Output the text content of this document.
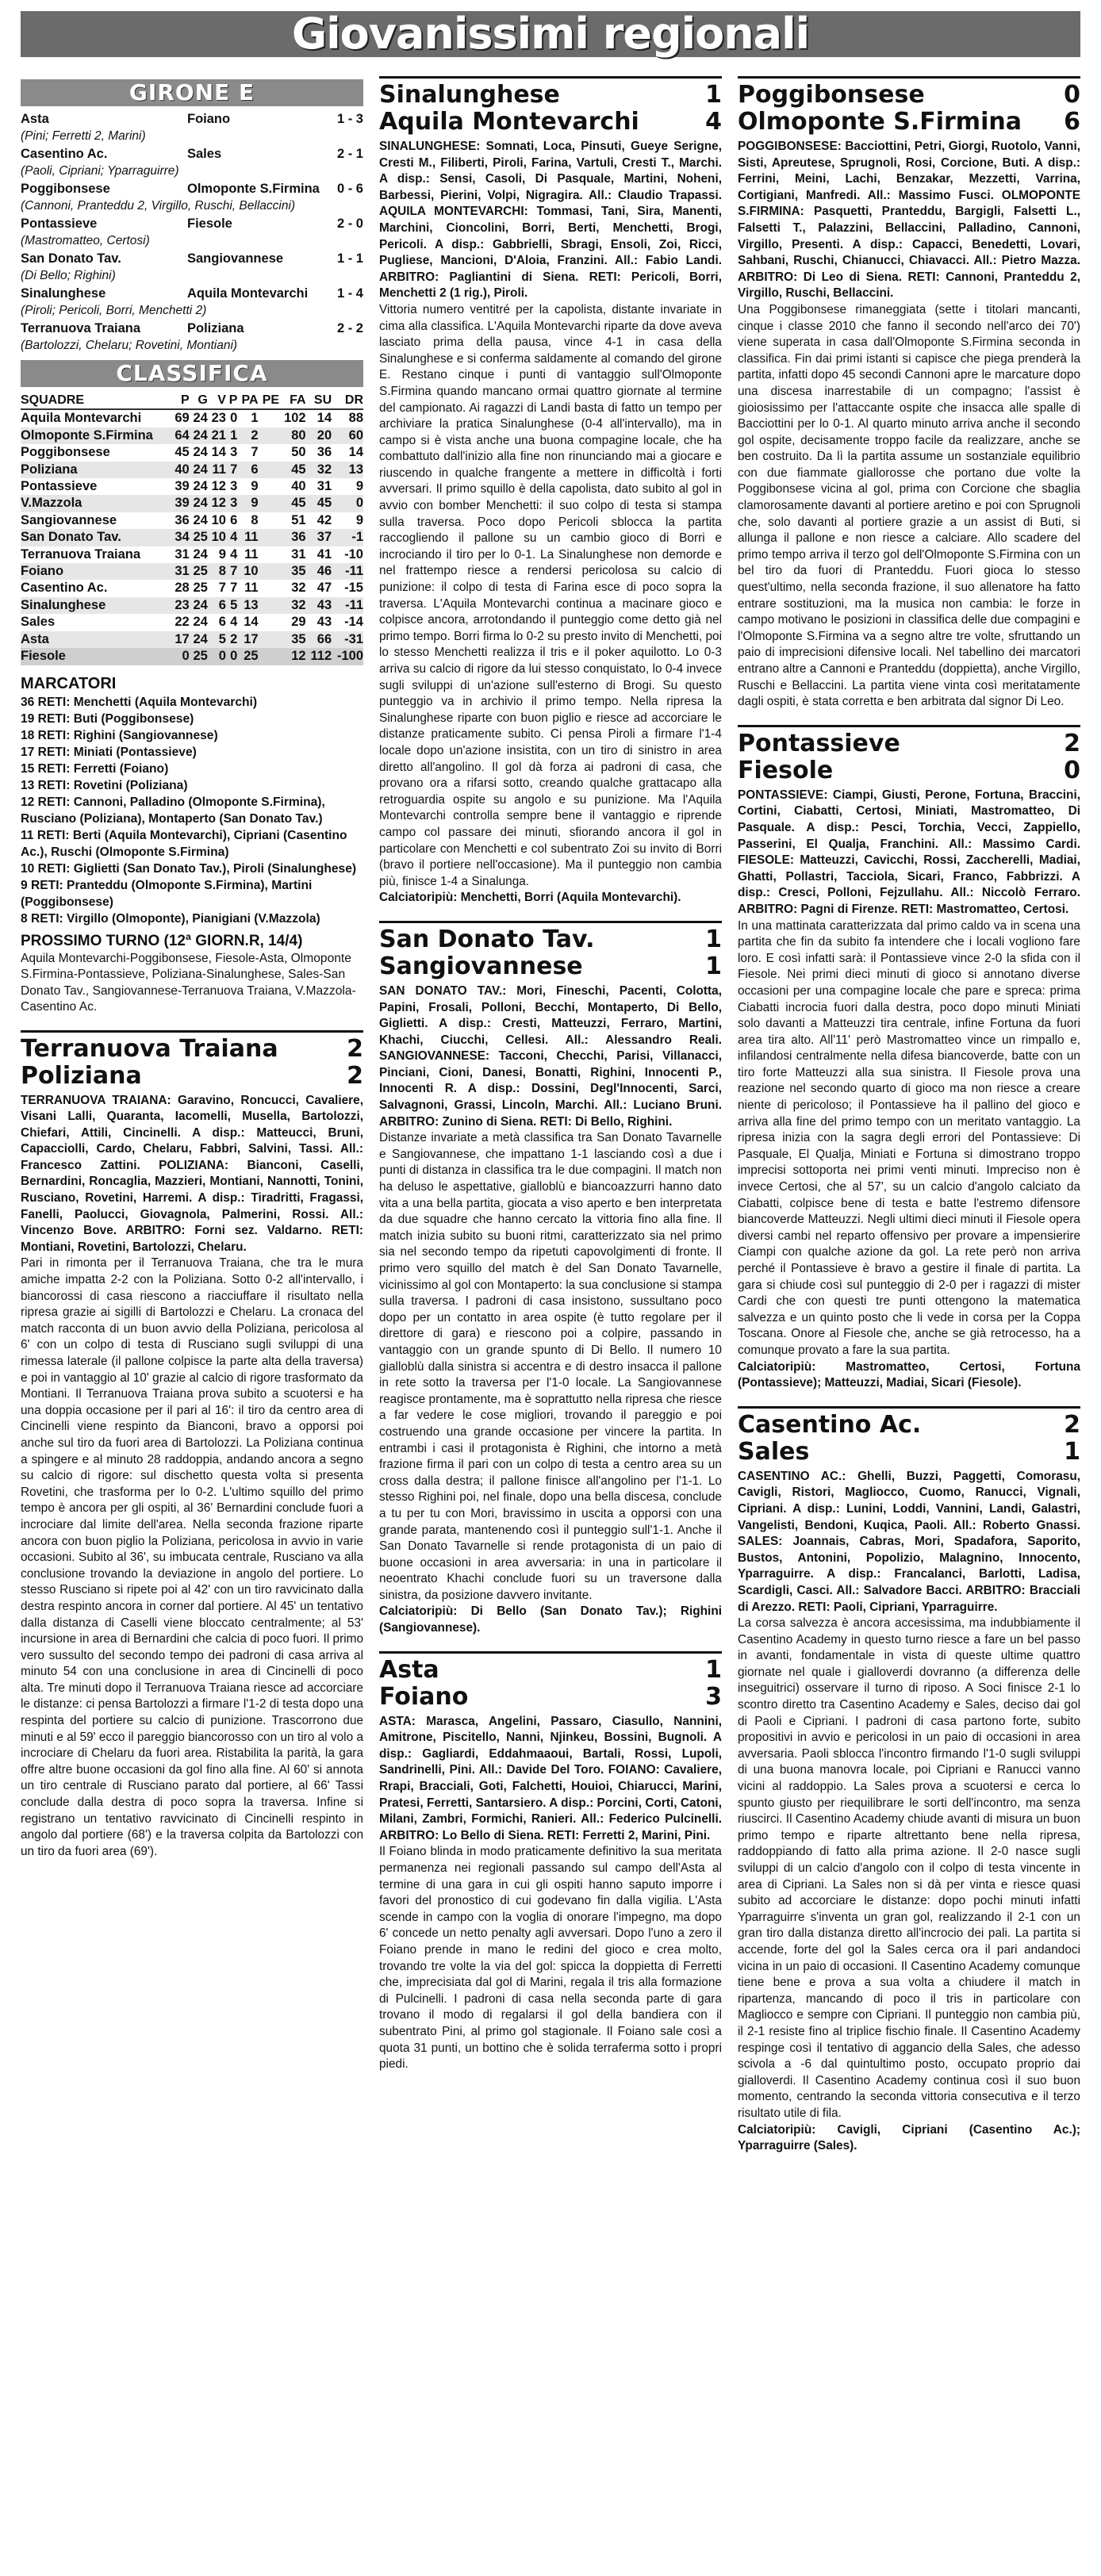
Giovanissimi regionali
GIRONE E
Asta	Foiano	1 - 3
(Pini; Ferretti 2, Marini)
Casentino Ac.	Sales	2 - 1
(Paoli, Cipriani; Yparraguirre)
Poggibonsese	Olmoponte S.Firmina	0 - 6
(Cannoni, Pranteddu 2, Virgillo, Ruschi, Bellaccini)
Pontassieve	Fiesole	2 - 0
(Mastromatteo, Certosi)
San Donato Tav.	Sangiovannese	1 - 1
(Di Bello; Righini)
Sinalunghese	Aquila Montevarchi	1 - 4
(Piroli; Pericoli, Borri, Menchetti 2)
Terranuova Traiana	Poliziana	2 - 2
(Bartolozzi, Chelaru; Rovetini, Montiani)
CLASSIFICA
SQUADRE	P	G	V	P	PA	PE	FA	SU	DR
Aquila Montevarchi	69	24	23	0	1		102	14	88
Olmoponte S.Firmina	64	24	21	1	2		80	20	60
Poggibonsese	45	24	14	3	7		50	36	14
Poliziana	40	24	11	7	6		45	32	13
Pontassieve	39	24	12	3	9		40	31	9
V.Mazzola	39	24	12	3	9		45	45	0
Sangiovannese	36	24	10	6	8		51	42	9
San Donato Tav.	34	25	10	4	11		36	37	-1
Terranuova Traiana	31	24	9	4	11		31	41	-10
Foiano	31	25	8	7	10		35	46	-11
Casentino Ac.	28	25	7	7	11		32	47	-15
Sinalunghese	23	24	6	5	13		32	43	-11
Sales	22	24	6	4	14		29	43	-14
Asta	17	24	5	2	17		35	66	-31
Fiesole	0	25	0	0	25		12	112	-100
MARCATORI
36 RETI: Menchetti (Aquila Montevarchi)
19 RETI: Buti (Poggibonsese)
18 RETI: Righini (Sangiovannese)
17 RETI: Miniati (Pontassieve)
15 RETI: Ferretti (Foiano)
13 RETI: Rovetini (Poliziana)
12 RETI: Cannoni, Palladino (Olmoponte S.Firmina), Rusciano (Poliziana), Montaperto (San Donato Tav.)
11 RETI: Berti (Aquila Montevarchi), Cipriani (Casentino Ac.), Ruschi (Olmoponte S.Firmina)
10 RETI: Giglietti (San Donato Tav.), Piroli (Sinalunghese)
9 RETI: Pranteddu (Olmoponte S.Firmina), Martini (Poggibonsese)
8 RETI: Virgillo (Olmoponte), Pianigiani (V.Mazzola)
PROSSIMO TURNO (12ª GIORN.R, 14/4)
Aquila Montevarchi-Poggibonsese, Fiesole-Asta, Olmoponte S.Firmina-Pontassieve, Poliziana-Sinalunghese, Sales-San Donato Tav., Sangiovannese-Terranuova Traiana, V.Mazzola-Casentino Ac.
Terranuova Traiana	2
Poliziana	2
TERRANUOVA TRAIANA: Garavino, Roncucci, Cavaliere, Visani Lalli, Quaranta, Iacomelli, Musella, Bartolozzi, Chiefari, Attili, Cincinelli. A disp.: Matteucci, Bruni, Capacciolli, Cardo, Chelaru, Fabbri, Salvini, Tassi. All.: Francesco Zattini. POLIZIANA: Bianconi, Caselli, Bernardini, Roncaglia, Mazzieri, Montiani, Nannotti, Tonini, Rusciano, Rovetini, Harremi. A disp.: Tiradritti, Fragassi, Fanelli, Paolucci, Giovagnola, Palmerini, Rossi. All.: Vincenzo Bove. ARBITRO: Forni sez. Valdarno. RETI: Montiani, Rovetini, Bartolozzi, Chelaru.
Pari in rimonta per il Terranuova Traiana, che tra le mura amiche impatta 2-2 con la Poliziana. Sotto 0-2 all'intervallo, i biancorossi di casa riescono a riacciuffare il risultato nella ripresa grazie ai sigilli di Bartolozzi e Chelaru. La cronaca del match racconta di un buon avvio della Poliziana, pericolosa al 6' con un colpo di testa di Rusciano sugli sviluppi di una rimessa laterale (il pallone colpisce la parte alta della traversa) e poi in vantaggio al 10' grazie al calcio di rigore trasformato da Montiani. Il Terranuova Traiana prova subito a scuotersi e ha una doppia occasione per il pari al 16': il tiro da centro area di Cincinelli viene respinto da Bianconi, bravo a opporsi poi anche sul tiro da fuori area di Bartolozzi. La Poliziana continua a spingere e al minuto 28 raddoppia, andando ancora a segno su calcio di rigore: sul dischetto questa volta si presenta Rovetini, che trasforma per lo 0-2. L'ultimo squillo del primo tempo è ancora per gli ospiti, al 36' Bernardini conclude fuori a incrociare dal limite dell'area. Nella seconda frazione riparte ancora con buon piglio la Poliziana, pericolosa in avvio in varie occasioni. Subito al 36', su imbucata centrale, Rusciano va alla conclusione trovando la deviazione in angolo del portiere. Lo stesso Rusciano si ripete poi al 42' con un tiro ravvicinato dalla destra respinto ancora in corner dal portiere. Al 45' un tentativo dalla distanza di Caselli viene bloccato centralmente; al 53' incursione in area di Bernardini che calcia di poco fuori. Il primo vero sussulto del secondo tempo dei padroni di casa arriva al minuto 54 con una conclusione in area di Cincinelli di poco alta. Tre minuti dopo il Terranuova Traiana riesce ad accorciare le distanze: ci pensa Bartolozzi a firmare l'1-2 di testa dopo una respinta del portiere su calcio di punizione. Trascorrono due minuti e al 59' ecco il pareggio biancorosso con un tiro al volo a incrociare di Chelaru da fuori area. Ristabilita la parità, la gara offre altre buone occasioni da gol fino alla fine. Al 60' si annota un tiro centrale di Rusciano parato dal portiere, al 66' Tassi conclude dalla destra di poco sopra la traversa. Infine si registrano un tentativo ravvicinato di Cincinelli respinto in angolo dal portiere (68') e la traversa colpita da Bartolozzi con un tiro da fuori area (69').
Sinalunghese	1
Aquila Montevarchi	4
SINALUNGHESE: Somnati, Loca, Pinsuti, Gueye Serigne, Cresti M., Filiberti, Piroli, Farina, Vartuli, Cresti T., Marchi. A disp.: Sensi, Casoli, Di Pasquale, Martini, Noheni, Barbessi, Pierini, Volpi, Nigragira. All.: Claudio Trapassi. AQUILA MONTEVARCHI: Tommasi, Tani, Sira, Manenti, Marchini, Cioncolini, Borri, Berti, Menchetti, Brogi, Pericoli. A disp.: Gabbrielli, Sbragi, Ensoli, Zoi, Ricci, Pugliese, Mancioni, D'Aloia, Franzini. All.: Fabio Landi. ARBITRO: Pagliantini di Siena. RETI: Pericoli, Borri, Menchetti 2 (1 rig.), Piroli.
Vittoria numero ventitré per la capolista, distante invariate in cima alla classifica. L'Aquila Montevarchi riparte da dove aveva lasciato prima della pausa, vince 4-1 in casa della Sinalunghese e si conferma saldamente al comando del girone E. Restano cinque i punti di vantaggio sull'Olmoponte S.Firmina quando mancano ormai quattro giornate al termine del campionato. Ai ragazzi di Landi basta di fatto un tempo per archiviare la pratica Sinalunghese (0-4 all'intervallo), ma in campo si è vista anche una buona compagine locale, che ha combattuto dall'inizio alla fine non rinunciando mai a giocare e riuscendo in qualche frangente a mettere in difficoltà i forti avversari. Il primo squillo è della capolista, dato subito al gol in avvio con bomber Menchetti: il suo colpo di testa si stampa sulla traversa. Poco dopo Pericoli sblocca la partita raccogliendo il pallone su un cambio gioco di Borri e incrociando il tiro per lo 0-1. La Sinalunghese non demorde e nel frattempo riesce a rendersi pericolosa su calcio di punizione: il colpo di testa di Farina esce di poco sopra la traversa. L'Aquila Montevarchi continua a macinare gioco e colpisce ancora, arrotondando il punteggio come detto già nel primo tempo. Borri firma lo 0-2 su presto invito di Menchetti, poi lo stesso Menchetti realizza il tris e il poker aquilotto. Lo 0-3 arriva su calcio di rigore da lui stesso conquistato, lo 0-4 invece sugli sviluppi di un'azione sull'esterno di Brogi. Su questo punteggio va in archivio il primo tempo. Nella ripresa la Sinalunghese riparte con buon piglio e riesce ad accorciare le distanze praticamente subito. Ci pensa Piroli a firmare l'1-4 locale dopo un'azione insistita, con un tiro di sinistro in area diretto all'angolino. Il gol dà forza ai padroni di casa, che provano ora a rifarsi sotto, creando qualche grattacapo alla retroguardia ospite su angolo e su punizione. Ma l'Aquila Montevarchi controlla sempre bene il vantaggio e riprende campo col passare dei minuti, sfiorando ancora il gol in particolare con Menchetti e col subentrato Zoi su invito di Borri (bravo il portiere nell'occasione). Ma il punteggio non cambia più, finisce 1-4 a Sinalunga.
Calciatoripiù: Menchetti, Borri (Aquila Montevarchi).
San Donato Tav.	1
Sangiovannese	1
SAN DONATO TAV.: Mori, Fineschi, Pacenti, Colotta, Papini, Frosali, Polloni, Becchi, Montaperto, Di Bello, Giglietti. A disp.: Cresti, Matteuzzi, Ferraro, Martini, Khachi, Ciucchi, Cellesi. All.: Alessandro Reali. SANGIOVANNESE: Tacconi, Checchi, Parisi, Villanacci, Pinciani, Cioni, Danesi, Bonatti, Righini, Innocenti P., Innocenti R. A disp.: Dossini, Degl'Innocenti, Sarci, Salvagnoni, Grassi, Lincoln, Marchi. All.: Luciano Bruni. ARBITRO: Zunino di Siena. RETI: Di Bello, Righini.
Distanze invariate a metà classifica tra San Donato Tavarnelle e Sangiovannese, che impattano 1-1 lasciando così a due i punti di distanza in classifica tra le due compagini. Il match non ha deluso le aspettative, gialloblù e biancoazzurri hanno dato vita a una bella partita, giocata a viso aperto e ben interpretata da due squadre che hanno cercato la vittoria fino alla fine. Il match inizia subito su buoni ritmi, caratterizzato sia nel primo sia nel secondo tempo da ripetuti capovolgimenti di fronte. Il primo vero squillo del match è del San Donato Tavarnelle, vicinissimo al gol con Montaperto: la sua conclusione si stampa sulla traversa. I padroni di casa insistono, sussultano poco dopo per un contatto in area ospite (è tutto regolare per il direttore di gara) e riescono poi a colpire, passando in vantaggio con un grande spunto di Di Bello. Il numero 10 gialloblù dalla sinistra si accentra e di destro insacca il pallone in rete sotto la traversa per l'1-0 locale. La Sangiovannese reagisce prontamente, ma è soprattutto nella ripresa che riesce a far vedere le cose migliori, trovando il pareggio e poi costruendo una grande occasione per vincere la partita. In entrambi i casi il protagonista è Righini, che intorno a metà frazione firma il pari con un colpo di testa a centro area su un cross dalla destra; il pallone finisce all'angolino per l'1-1. Lo stesso Righini poi, nel finale, dopo una bella discesa, conclude a tu per tu con Mori, bravissimo in uscita a opporsi con una grande parata, mantenendo così il punteggio sull'1-1. Anche il San Donato Tavarnelle si rende protagonista di un paio di buone occasioni in area avversaria: in una in particolare il neoentrato Khachi conclude fuori su un traversone dalla sinistra, da posizione davvero invitante.
Calciatoripiù: Di Bello (San Donato Tav.); Righini (Sangiovannese).
Asta	1
Foiano	3
ASTA: Marasca, Angelini, Passaro, Ciasullo, Nannini, Amitrone, Piscitello, Nanni, Njinkeu, Bossini, Bugnoli. A disp.: Gagliardi, Eddahmaaoui, Bartali, Rossi, Lupoli, Sandrinelli, Pini. All.: Davide Del Toro. FOIANO: Cavaliere, Rrapi, Bracciali, Goti, Falchetti, Houioi, Chiarucci, Marini, Pratesi, Ferretti, Santarsiero. A disp.: Porcini, Corti, Catoni, Milani, Zambri, Formichi, Ranieri. All.: Federico Pulcinelli. ARBITRO: Lo Bello di Siena. RETI: Ferretti 2, Marini, Pini.
Il Foiano blinda in modo praticamente definitivo la sua meritata permanenza nei regionali passando sul campo dell'Asta al termine di una gara in cui gli ospiti hanno saputo imporre i favori del pronostico di cui godevano fin dalla vigilia. L'Asta scende in campo con la voglia di onorare l'impegno, ma dopo 6' concede un netto penalty agli avversari. Dopo l'uno a zero il Foiano prende in mano le redini del gioco e crea molto, trovando tre volte la via del gol: spicca la doppietta di Ferretti che, imprecisiata dal gol di Marini, regala il tris alla formazione di Pulcinelli. I padroni di casa nella seconda parte di gara trovano il modo di regalarsi il gol della bandiera con il subentrato Pini, al primo gol stagionale. Il Foiano sale così a quota 31 punti, un bottino che è solida terraferma sotto i propri piedi.
Poggibonsese	0
Olmoponte S.Firmina 6
POGGIBONSESE: Bacciottini, Petri, Giorgi, Ruotolo, Vanni, Sisti, Apreutese, Sprugnoli, Rosi, Corcione, Buti. A disp.: Ferrini, Meini, Lachi, Benzakar, Mezzetti, Varrina, Cortigiani, Manfredi. All.: Massimo Fusci. OLMOPONTE S.FIRMINA: Pasquetti, Pranteddu, Bargigli, Falsetti L., Falsetti T., Palazzini, Bellaccini, Palladino, Cannoni, Virgillo, Presenti. A disp.: Capacci, Benedetti, Lovari, Sahbani, Ruschi, Chianucci, Chiavacci. All.: Pietro Mazza. ARBITRO: Di Leo di Siena. RETI: Cannoni, Pranteddu 2, Virgillo, Ruschi, Bellaccini.
Una Poggibonsese rimaneggiata (sette i titolari mancanti, cinque i classe 2010 che fanno il secondo nell'arco dei 70') viene superata in casa dall'Olmoponte S.Firmina seconda in classifica. Fin dai primi istanti si capisce che piega prenderà la partita, infatti dopo 45 secondi Cannoni apre le marcature dopo una discesa inarrestabile di un compagno; l'assist è gioiosissimo per l'attaccante ospite che insacca alle spalle di Bacciottini per lo 0-1. Al quarto minuto arriva anche il secondo gol ospite, decisamente troppo facile da realizzare, anche se ben costruito. Da lì la partita assume un sostanziale equilibrio con due fiammate giallorosse che portano due volte la Poggibonsese vicina al gol, prima con Corcione che sbaglia clamorosamente davanti al portiere aretino e poi con Sprugnoli che, solo davanti al portiere grazie a un assist di Buti, si allunga il pallone e non riesce a calciare. Allo scadere del primo tempo arriva il terzo gol dell'Olmoponte S.Firmina con un bel tiro da fuori di Pranteddu. Fuori gioca lo stesso quest'ultimo, nella seconda frazione, il suo allenatore ha fatto entrare sostituzioni, ma la musica non cambia: le forze in campo motivano le posizioni in classifica delle due compagini e l'Olmoponte S.Firmina va a segno altre tre volte, sfruttando un paio di imprecisioni difensive locali. Nel tabellino dei marcatori entrano altre a Cannoni e Pranteddu (doppietta), anche Virgillo, Ruschi e Bellaccini. La partita viene vinta così meritatamente dagli ospiti, è stata corretta e ben arbitrata dal signor Di Leo.
Pontassieve	2
Fiesole	0
PONTASSIEVE: Ciampi, Giusti, Perone, Fortuna, Braccini, Cortini, Ciabatti, Certosi, Miniati, Mastromatteo, Di Pasquale. A disp.: Pesci, Torchia, Vecci, Zappiello, Passerini, El Qualja, Franchini. All.: Massimo Cardi. FIESOLE: Matteuzzi, Cavicchi, Rossi, Zaccherelli, Madiai, Ghatti, Pollastri, Tacciola, Sicari, Franco, Fabbrizzi. A disp.: Cresci, Polloni, Fejzullahu. All.: Niccolò Ferraro. ARBITRO: Pagni di Firenze. RETI: Mastromatteo, Certosi.
In una mattinata caratterizzata dal primo caldo va in scena una partita che fin da subito fa intendere che i locali vogliono fare loro. E così infatti sarà: il Pontassieve vince 2-0 la sfida con il Fiesole. Nei primi dieci minuti di gioco si annotano diverse occasioni per una compagine locale che pare e spreca: prima Ciabatti incrocia fuori dalla destra, poco dopo minuti Miniati solo davanti a Matteuzzi tira centrale, infine Fortuna da fuori area tira alto. All'11' però Mastromatteo vince un rimpallo e, infilandosi centralmente nella difesa biancoverde, batte con un tiro forte Matteuzzi alla sua sinistra. Il Fiesole prova una reazione nel secondo quarto di gioco ma non riesce a creare niente di pericoloso; il Pontassieve ha il pallino del gioco e arriva alla fine del primo tempo con un meritato vantaggio. La ripresa inizia con la sagra degli errori del Pontassieve: Di Pasquale, El Qualja, Miniati e Fortuna si dimostrano troppo imprecisi sottoporta nei primi venti minuti. Impreciso non è invece Certosi, che al 57', su un calcio d'angolo calciato da Ciabatti, colpisce bene di testa e batte l'estremo difensore biancoverde Matteuzzi. Negli ultimi dieci minuti il Fiesole opera diversi cambi nel reparto offensivo per provare a impensierire Ciampi con qualche azione da gol. La rete però non arriva perché il Pontassieve è bravo a gestire il finale di partita. La gara si chiude così sul punteggio di 2-0 per i ragazzi di mister Cardi che con questi tre punti ottengono la matematica salvezza e un quinto posto che li vede in corsa per la Coppa Toscana. Onore al Fiesole che, anche se già retrocesso, ha a comunque provato a fare la sua partita.
Calciatoripiù: Mastromatteo, Certosi, Fortuna (Pontassieve); Matteuzzi, Madiai, Sicari (Fiesole).
Casentino Ac.	2
Sales	1
CASENTINO AC.: Ghelli, Buzzi, Paggetti, Comorasu, Cavigli, Ristori, Magliocco, Cuomo, Ranucci, Vignali, Cipriani. A disp.: Lunini, Loddi, Vannini, Landi, Galastri, Vangelisti, Bendoni, Kuqica, Paoli. All.: Roberto Gnassi. SALES: Joannais, Cabras, Mori, Spadafora, Saporito, Bustos, Antonini, Popolizio, Malagnino, Innocento, Yparraguirre. A disp.: Francalanci, Barlotti, Ladisa, Scardigli, Casci. All.: Salvadore Bacci. ARBITRO: Bracciali di Arezzo. RETI: Paoli, Cipriani, Yparraguirre.
La corsa salvezza è ancora accesissima, ma indubbiamente il Casentino Academy in questo turno riesce a fare un bel passo in avanti, fondamentale in vista di queste ultime quattro giornate nel quale i gialloverdi dovranno (a differenza delle inseguitrici) osservare il turno di riposo. A Soci finisce 2-1 lo scontro diretto tra Casentino Academy e Sales, deciso dai gol di Paoli e Cipriani. I padroni di casa partono forte, subito propositivi in avvio e pericolosi in un paio di occasioni in area avversaria. Paoli sblocca l'incontro firmando l'1-0 sugli sviluppi di una buona manovra locale, poi Cipriani e Ranucci vanno vicini al raddoppio. La Sales prova a scuotersi e cerca lo spunto giusto per riequilibrare le sorti dell'incontro, ma senza riuscirci. Il Casentino Academy chiude avanti di misura un buon primo tempo e riparte altrettanto bene nella ripresa, raddoppiando di fatto alla prima azione. Il 2-0 nasce sugli sviluppi di un calcio d'angolo con il colpo di testa vincente in area di Cipriani. La Sales non si dà per vinta e riesce quasi subito ad accorciare le distanze: dopo pochi minuti infatti Yparraguirre s'inventa un gran gol, realizzando il 2-1 con un gran tiro dalla distanza diretto all'incrocio dei pali. La partita si accende, forte del gol la Sales cerca ora il pari andandoci vicina in un paio di occasioni. Il Casentino Academy comunque tiene bene e prova a sua volta a chiudere il match in ripartenza, mancando di poco il tris in particolare con Magliocco e sempre con Cipriani. Il punteggio non cambia più, il 2-1 resiste fino al triplice fischio finale. Il Casentino Academy respinge così il tentativo di aggancio della Sales, che adesso scivola a -6 dal quintultimo posto, occupato proprio dai gialloverdi. Il Casentino Academy continua così il suo buon momento, centrando la seconda vittoria consecutiva e il terzo risultato utile di fila.
Calciatoripiù: Cavigli, Cipriani (Casentino Ac.); Yparraguirre (Sales).
